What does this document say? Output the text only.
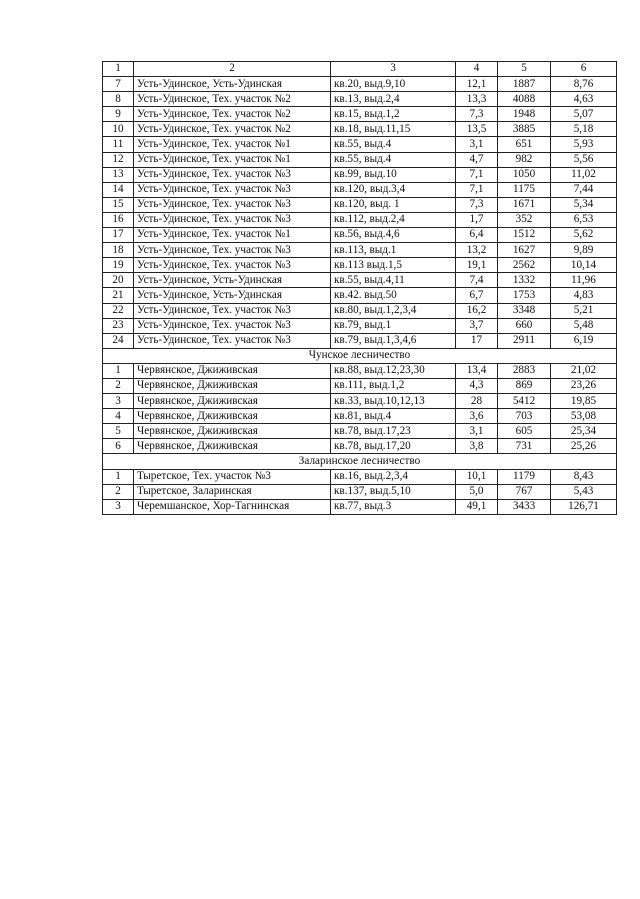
1	2	3	4	5	6
7	Усть-Удинское, Усть-Удинская	кв.20, выд.9,10	12,1	1887	8,76
8	Усть-Удинское, Тех. участок №2	кв.13, выд.2,4	13,3	4088	4,63
9	Усть-Удинское, Тех. участок №2	кв.15, выд.1,2	7,3	1948	5,07
10	Усть-Удинское, Тех. участок №2	кв.18, выд.11,15	13,5	3885	5,18
11	Усть-Удинское, Тех. участок №1	кв.55, выд.4	3,1	651	5,93
12	Усть-Удинское, Тех. участок №1	кв.55, выд.4	4,7	982	5,56
13	Усть-Удинское, Тех. участок №3	кв.99, выд.10	7,1	1050	11,02
14	Усть-Удинское, Тех. участок №3	кв.120, выд.3,4	7,1	1175	7,44
15	Усть-Удинское, Тех. участок №3	кв.120, выд. 1	7,3	1671	5,34
16	Усть-Удинское, Тех. участок №3	кв.112, выд.2,4	1,7	352	6,53
17	Усть-Удинское, Тех. участок №1	кв.56, выд.4,6	6,4	1512	5,62
18	Усть-Удинское, Тех. участок №3	кв.113, выд.1	13,2	1627	9,89
19	Усть-Удинское, Тех. участок №3	кв.113 выд.1,5	19,1	2562	10,14
20	Усть-Удинское, Усть-Удинская	кв.55, выд.4,11	7,4	1332	11,96
21	Усть-Удинское, Усть-Удинская	кв.42. выд.50	6,7	1753	4,83
22	Усть-Удинское, Тех. участок №3	кв.80, выд.1,2,3,4	16,2	3348	5,21
23	Усть-Удинское, Тех. участок №3	кв.79, выд.1	3,7	660	5,48
24	Усть-Удинское, Тех. участок №3	кв.79, выд.1,3,4,6	17	2911	6,19
Чунское лесничество					
1	Червянское, Джиживская	кв.88, выд.12,23,30	13,4	2883	21,02
2	Червянское, Джиживская	кв.111, выд.1,2	4,3	869	23,26
3	Червянское, Джиживская	кв.33, выд.10,12,13	28	5412	19,85
4	Червянское, Джиживская	кв.81, выд.4	3,6	703	53,08
5	Червянское, Джиживская	кв.78, выд.17,23	3,1	605	25,34
6	Червянское, Джиживская	кв.78, выд.17,20	3,8	731	25,26
Заларинское лесничество					
1	Тыретское, Тех. участок №3	кв.16, выд.2,3,4	10,1	1179	8,43
2	Тыретское, Заларинская	кв.137, выд.5,10	5,0	767	5,43
3	Черемшанское, Хор-Тагнинская	кв.77, выд.3	49,1	3433	126,71
